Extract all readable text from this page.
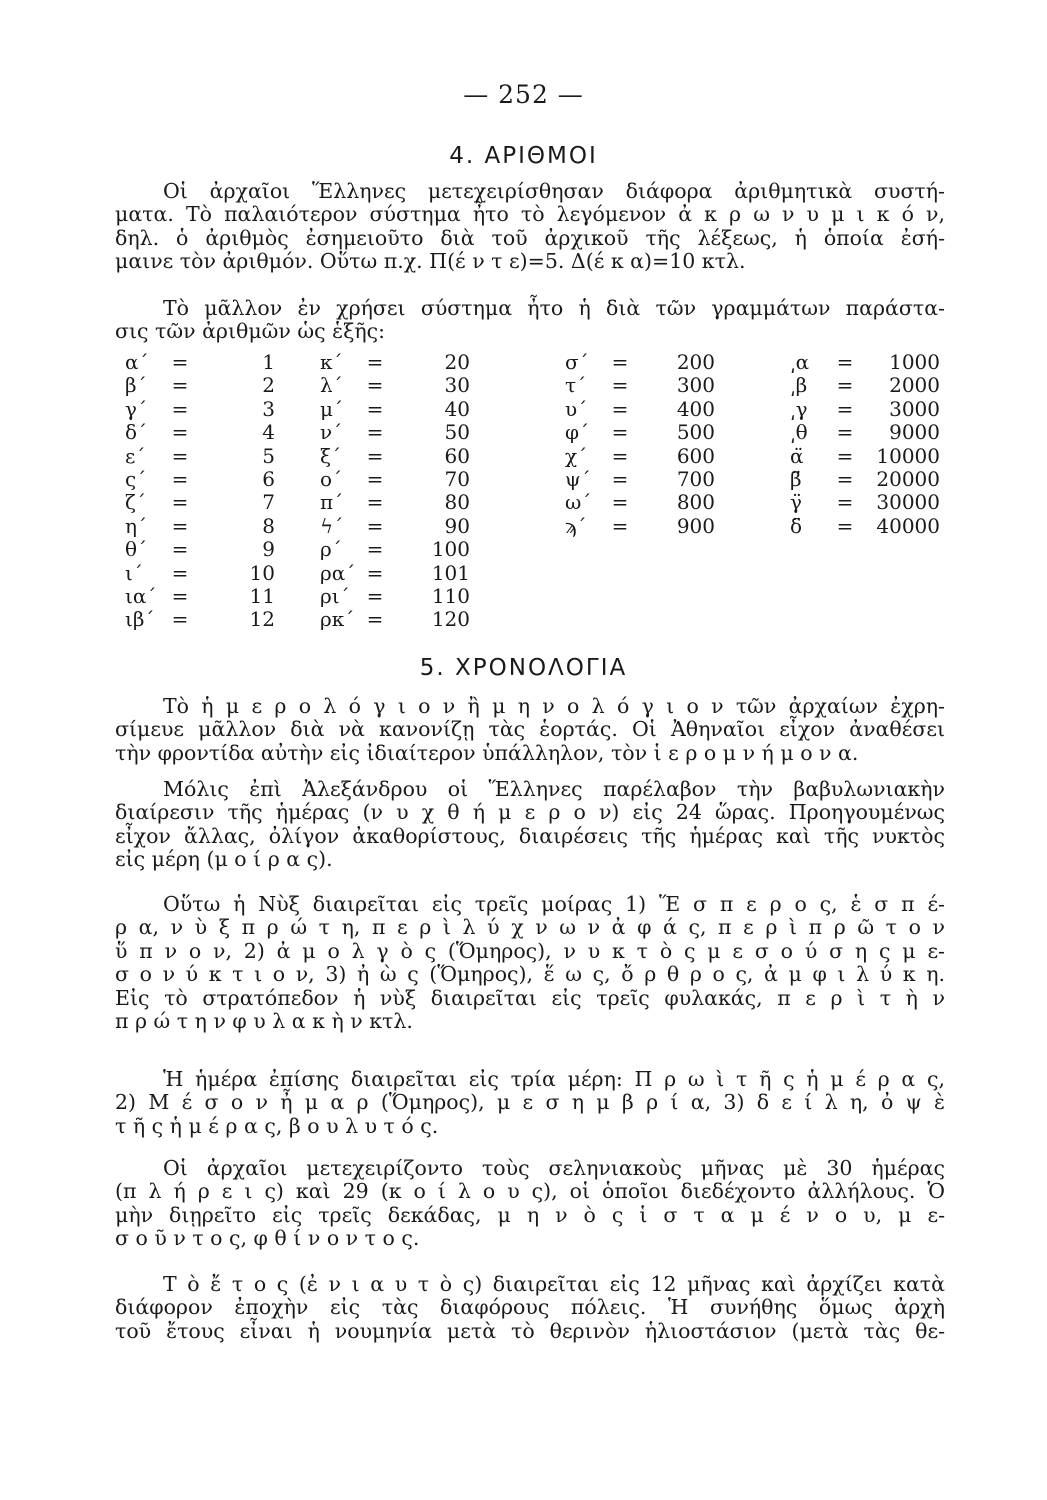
— 252 —
4. ΑΡΙΘΜΟΙ
Οἱ ἀρχαῖοι Ἕλληνες μετεχειρίσθησαν διάφορα ἀριθμητικὰ συστή-
ματα. Τὸ παλαιότερον σύστημα ἦτο τὸ λεγόμενον ἀ κ ρ ω ν υ μ ι κ ό ν,
δηλ. ὁ ἀριθμὸς ἐσημειοῦτο διὰ τοῦ ἀρχικοῦ τῆς λέξεως, ἡ ὁποία ἐσή-
μαινε τὸν ἀριθμόν. Οὕτω π.χ. Π(έ ν τ ε)=5. Δ(έ κ α)=10 κτλ.
Τὸ μᾶλλον ἐν χρήσει σύστημα ἦτο ἡ διὰ τῶν γραμμάτων παράστα-
σις τῶν ἀριθμῶν ὡς ἑξῆς:
α΄ =	1
β΄ =	2
γ΄ =	3
δ΄ =	4
ε΄ =	5
ς΄ =	6
ζ΄ =	7
η΄ =	8
θ΄ =	9
ι΄ =	10
ια΄ =	11
ιβ΄ =	12
κ΄ =	20
λ΄ =	30
μ΄ =	40
ν΄ =	50
ξ΄ =	60
ο΄ =	70
π΄ =	80
ϟ΄ =	90
ρ΄ = 100
ρα΄ = 101
ρι΄ = 110
ρκ΄ = 120
σ΄ = 200
τ΄ = 300
υ΄ = 400
φ΄ = 500
χ΄ = 600
ψ΄ = 700
ω΄ = 800
ϡ΄ = 900
͵α = 1000
͵β = 2000
͵γ = 3000
͵θ = 9000
α̈ = 10000
β̈ = 20000
γ̈ = 30000
δ̈ = 40000
5. ΧΡΟΝΟΛΟΓΙΑ
Τὸ ἡ μ ε ρ ο λ ό γ ι ο ν ἢ μ η ν ο λ ό γ ι ο ν τῶν ἀρχαίων ἐχρη-
σίμευε μᾶλλον διὰ νὰ κανονίζῃ τὰς ἑορτάς. Οἱ Ἀθηναῖοι εἶχον ἀναθέσει
τὴν φροντίδα αὐτὴν εἰς ἰδιαίτερον ὑπάλληλον, τὸν ἱ ε ρ ο μ ν ή μ ο ν α.
Μόλις ἐπὶ Ἀλεξάνδρου οἱ Ἕλληνες παρέλαβον τὴν βαβυλωνιακὴν
διαίρεσιν τῆς ἡμέρας (ν υ χ θ ή μ ε ρ ο ν) εἰς 24 ὥρας. Προηγουμένως
εἶχον ἄλλας, ὀλίγον ἀκαθορίστους, διαιρέσεις τῆς ἡμέρας καὶ τῆς νυκτὸς
εἰς μέρη (μ ο ί ρ α ς).
Οὕτω ἡ Νὺξ διαιρεῖται εἰς τρεῖς μοίρας 1) Ἕ σ π ε ρ ο ς, ἑ σ π έ-
ρ α, ν ὺ ξ π ρ ώ τ η, π ε ρ ὶ λ ύ χ ν ω ν ἀ φ ά ς, π ε ρ ὶ π ρ ῶ τ ο ν
ὕ π ν ο ν, 2) ἀ μ ο λ γ ὸ ς (Ὅμηρος), ν υ κ τ ὸ ς μ ε σ ο ύ σ η ς μ ε-
σ ο ν ύ κ τ ι ο ν, 3) ἠ ὼ ς (Ὅμηρος), ἕ ω ς, ὄ ρ θ ρ ο ς, ἀ μ φ ι λ ύ κ η.
Εἰς τὸ στρατόπεδον ἡ νὺξ διαιρεῖται εἰς τρεῖς φυλακάς, π ε ρ ὶ τ ὴ ν
π ρ ώ τ η ν φ υ λ α κ ὴ ν κτλ.
Ἡ ἡμέρα ἐπίσης διαιρεῖται εἰς τρία μέρη: Π ρ ω ὶ τ ῆ ς ἡ μ έ ρ α ς,
2) Μ έ σ ο ν ἦ μ α ρ (Ὅμηρος), μ ε σ η μ β ρ ί α, 3) δ ε ί λ η, ὀ ψ ὲ
τ ῆ ς ἡ μ έ ρ α ς, β ο υ λ υ τ ό ς.
Οἱ ἀρχαῖοι μετεχειρίζοντο τοὺς σεληνιακοὺς μῆνας μὲ 30 ἡμέρας
(π λ ή ρ ε ι ς) καὶ 29 (κ ο ί λ ο υ ς), οἱ ὁποῖοι διεδέχοντο ἀλλήλους. Ὁ
μὴν διῃρεῖτο εἰς τρεῖς δεκάδας, μ η ν ὸ ς ἱ σ τ α μ έ ν ο υ, μ ε-
σ ο ῦ ν τ ο ς, φ θ ί ν ο ν τ ο ς.
Τ ὸ ἔ τ ο ς (ἐ ν ι α υ τ ὸ ς) διαιρεῖται εἰς 12 μῆνας καὶ ἀρχίζει κατὰ
διάφορον ἐποχὴν εἰς τὰς διαφόρους πόλεις. Ἡ συνήθης ὅμως ἀρχὴ
τοῦ ἔτους εἶναι ἡ νουμηνία μετὰ τὸ θερινὸν ἡλιοστάσιον (μετὰ τὰς θε-
